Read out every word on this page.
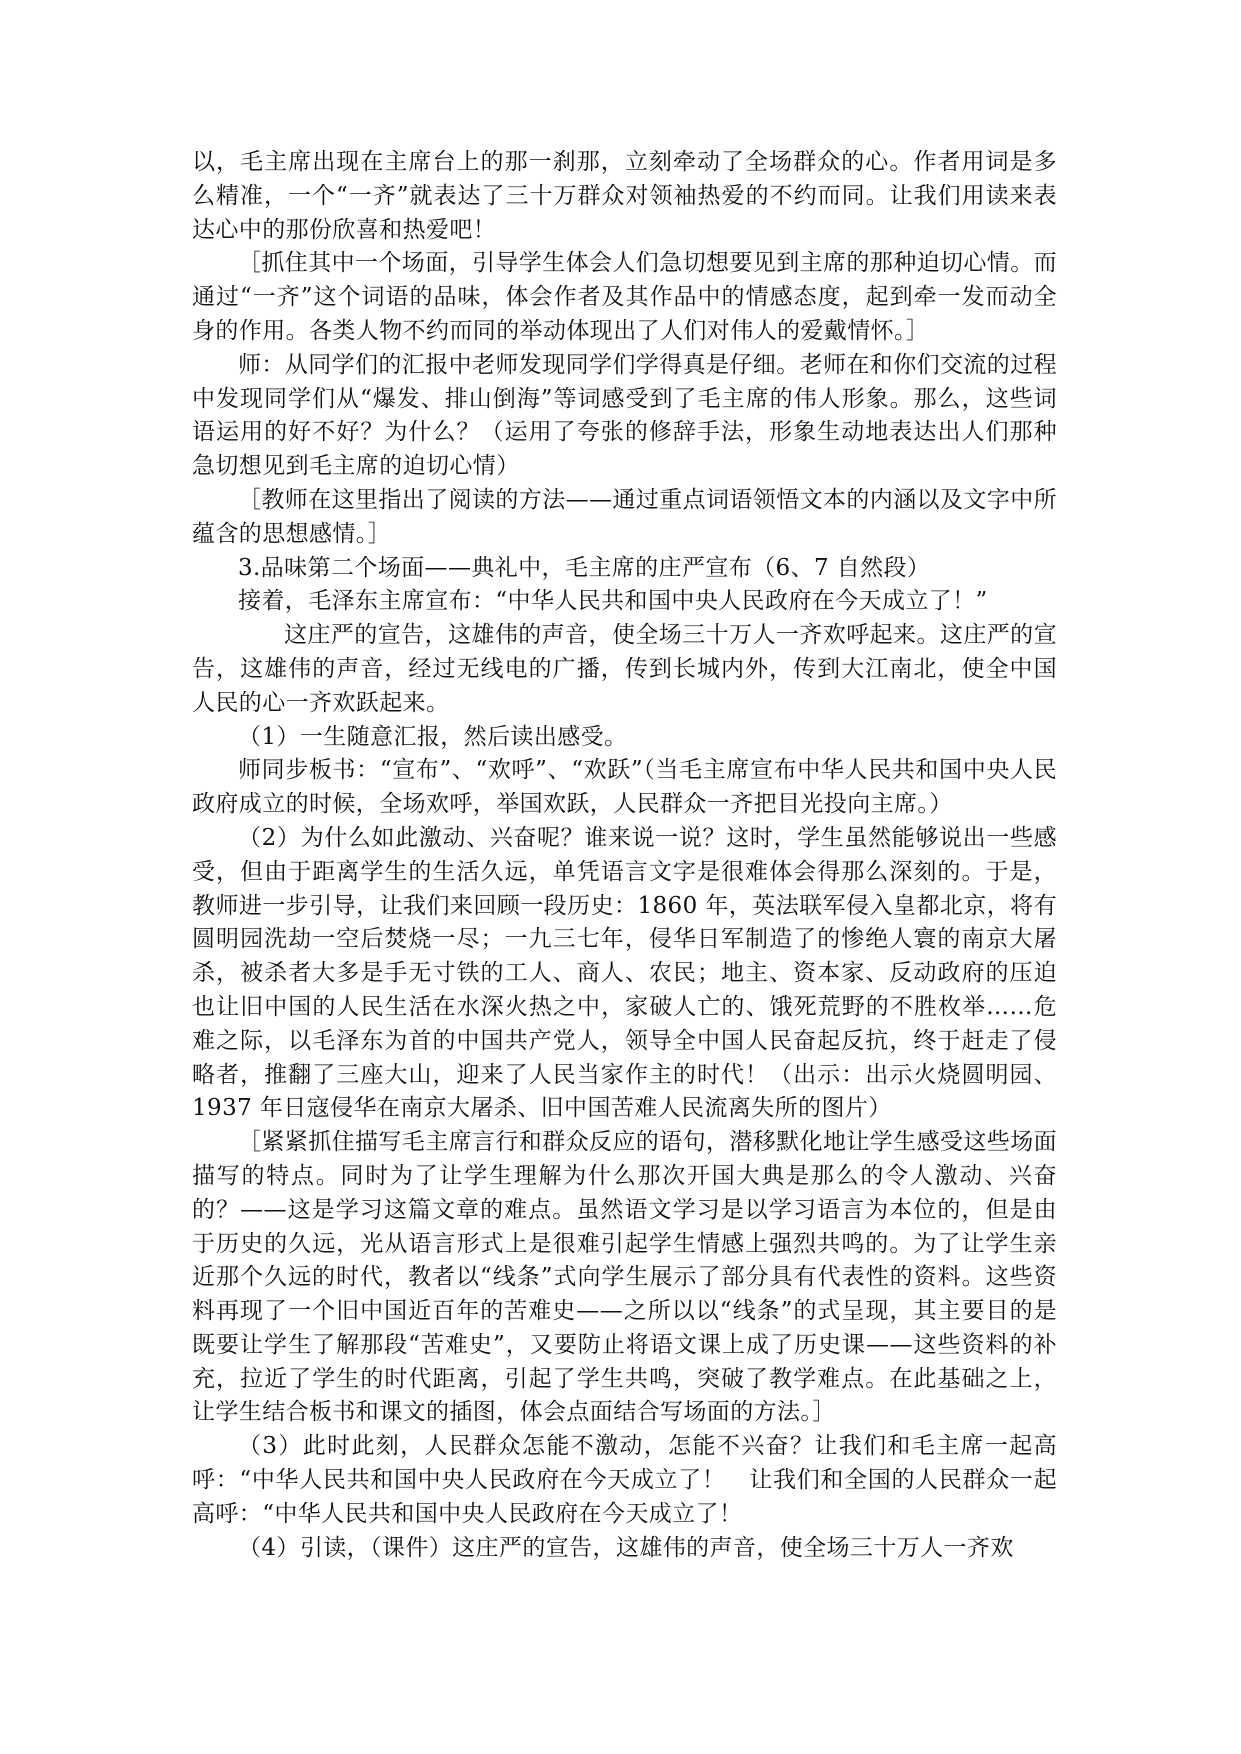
以，毛主席出现在主席台上的那一刹那，立刻牵动了全场群众的心。作者用词是多么精准，一个“一齐”就表达了三十万群众对领袖热爱的不约而同。让我们用读来表达心中的那份欣喜和热爱吧！

［抓住其中一个场面，引导学生体会人们急切想要见到主席的那种迫切心情。而通过“一齐”这个词语的品味，体会作者及其作品中的情感态度，起到牵一发而动全身的作用。各类人物不约而同的举动体现出了人们对伟人的爱戴情怀。］

师：从同学们的汇报中老师发现同学们学得真是仔细。老师在和你们交流的过程中发现同学们从“爆发、排山倒海”等词感受到了毛主席的伟人形象。那么，这些词语运用的好不好？为什么？（运用了夸张的修辞手法，形象生动地表达出人们那种急切想见到毛主席的迫切心情）

［教师在这里指出了阅读的方法——通过重点词语领悟文本的内涵以及文字中所蕴含的思想感情。］

3.品味第二个场面——典礼中，毛主席的庄严宣布（6、7 自然段）

接着，毛泽东主席宣布：“中华人民共和国中央人民政府在今天成立了！”

这庄严的宣告，这雄伟的声音，使全场三十万人一齐欢呼起来。这庄严的宣告，这雄伟的声音，经过无线电的广播，传到长城内外，传到大江南北，使全中国人民的心一齐欢跃起来。

（1）一生随意汇报，然后读出感受。

师同步板书：“宣布”、“欢呼”、“欢跃”（当毛主席宣布中华人民共和国中央人民政府成立的时候，全场欢呼，举国欢跃，人民群众一齐把目光投向主席。）

（2）为什么如此激动、兴奋呢？谁来说一说？这时，学生虽然能够说出一些感受，但由于距离学生的生活久远，单凭语言文字是很难体会得那么深刻的。于是，教师进一步引导，让我们来回顾一段历史：1860 年，英法联军侵入皇都北京，将有圆明园洗劫一空后焚烧一尽；一九三七年，侵华日军制造了的惨绝人寰的南京大屠杀，被杀者大多是手无寸铁的工人、商人、农民；地主、资本家、反动政府的压迫也让旧中国的人民生活在水深火热之中，家破人亡的、饿死荒野的不胜枚举……危难之际，以毛泽东为首的中国共产党人，领导全中国人民奋起反抗，终于赶走了侵略者，推翻了三座大山，迎来了人民当家作主的时代！（出示：出示火烧圆明园、1937 年日寇侵华在南京大屠杀、旧中国苦难人民流离失所的图片）

［紧紧抓住描写毛主席言行和群众反应的语句，潜移默化地让学生感受这些场面描写的特点。同时为了让学生理解为什么那次开国大典是那么的令人激动、兴奋的？——这是学习这篇文章的难点。虽然语文学习是以学习语言为本位的，但是由于历史的久远，光从语言形式上是很难引起学生情感上强烈共鸣的。为了让学生亲近那个久远的时代，教者以“线条”式向学生展示了部分具有代表性的资料。这些资料再现了一个旧中国近百年的苦难史——之所以以“线条”的式呈现，其主要目的是既要让学生了解那段“苦难史”，又要防止将语文课上成了历史课——这些资料的补充，拉近了学生的时代距离，引起了学生共鸣，突破了教学难点。在此基础之上，让学生结合板书和课文的插图，体会点面结合写场面的方法。］

（3）此时此刻，人民群众怎能不激动，怎能不兴奋？让我们和毛主席一起高呼：“中华人民共和国中央人民政府在今天成立了！　让我们和全国的人民群众一起高呼：“中华人民共和国中央人民政府在今天成立了！

（4）引读，（课件）这庄严的宣告，这雄伟的声音，使全场三十万人一齐欢
